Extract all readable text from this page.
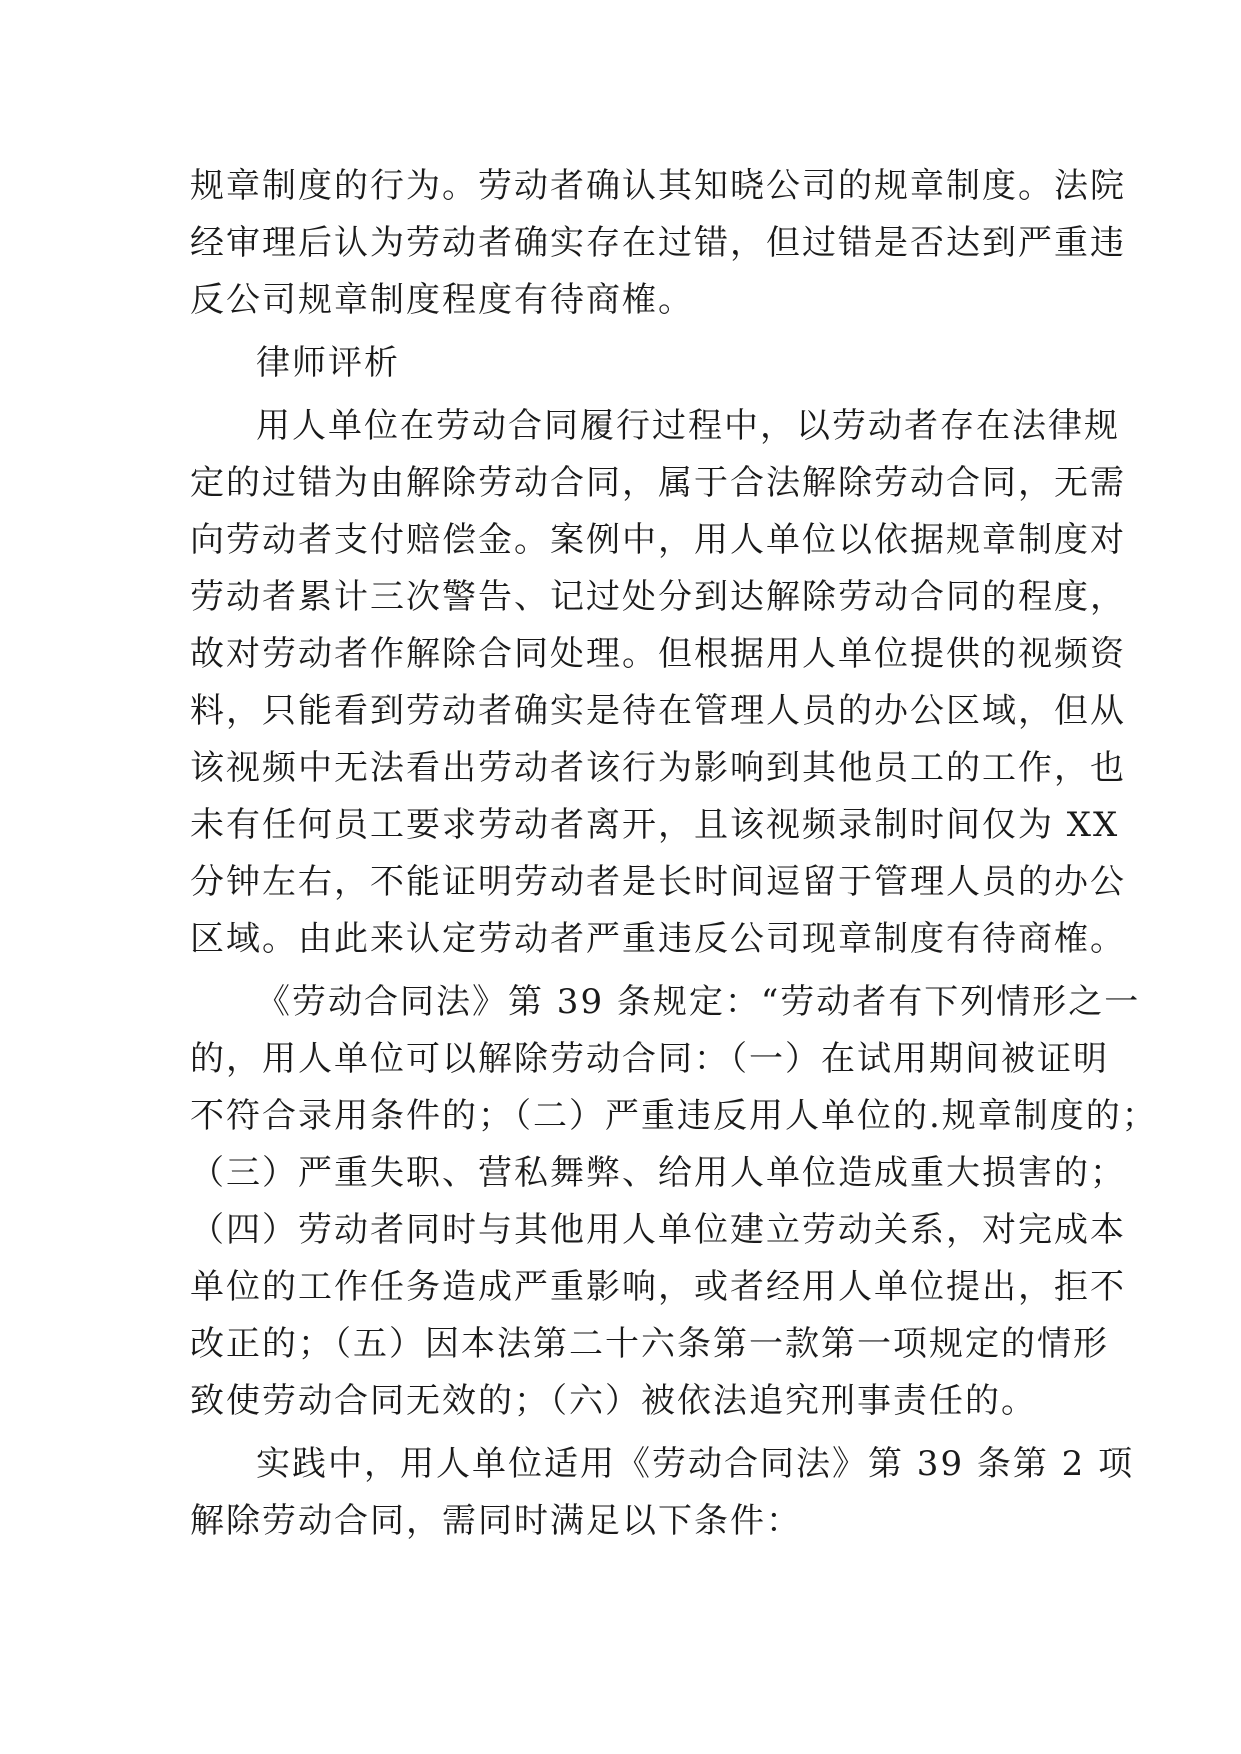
规章制度的行为。劳动者确认其知晓公司的规章制度。法院
经审理后认为劳动者确实存在过错，但过错是否达到严重违
反公司规章制度程度有待商榷。
律师评析
用人单位在劳动合同履行过程中，以劳动者存在法律规
定的过错为由解除劳动合同，属于合法解除劳动合同，无需
向劳动者支付赔偿金。案例中，用人单位以依据规章制度对
劳动者累计三次警告、记过处分到达解除劳动合同的程度，
故对劳动者作解除合同处理。但根据用人单位提供的视频资
料，只能看到劳动者确实是待在管理人员的办公区域，但从
该视频中无法看出劳动者该行为影响到其他员工的工作，也
未有任何员工要求劳动者离开，且该视频录制时间仅为 XX
分钟左右，不能证明劳动者是长时间逗留于管理人员的办公
区域。由此来认定劳动者严重违反公司现章制度有待商榷。
《劳动合同法》第 39 条规定：“劳动者有下列情形之一
的，用人单位可以解除劳动合同：（一）在试用期间被证明
不符合录用条件的；（二）严重违反用人单位的.规章制度的；
（三）严重失职、营私舞弊、给用人单位造成重大损害的；
（四）劳动者同时与其他用人单位建立劳动关系，对完成本
单位的工作任务造成严重影响，或者经用人单位提出，拒不
改正的；（五）因本法第二十六条第一款第一项规定的情形
致使劳动合同无效的；（六）被依法追究刑事责任的。
实践中，用人单位适用《劳动合同法》第 39 条第 2 项
解除劳动合同，需同时满足以下条件：
